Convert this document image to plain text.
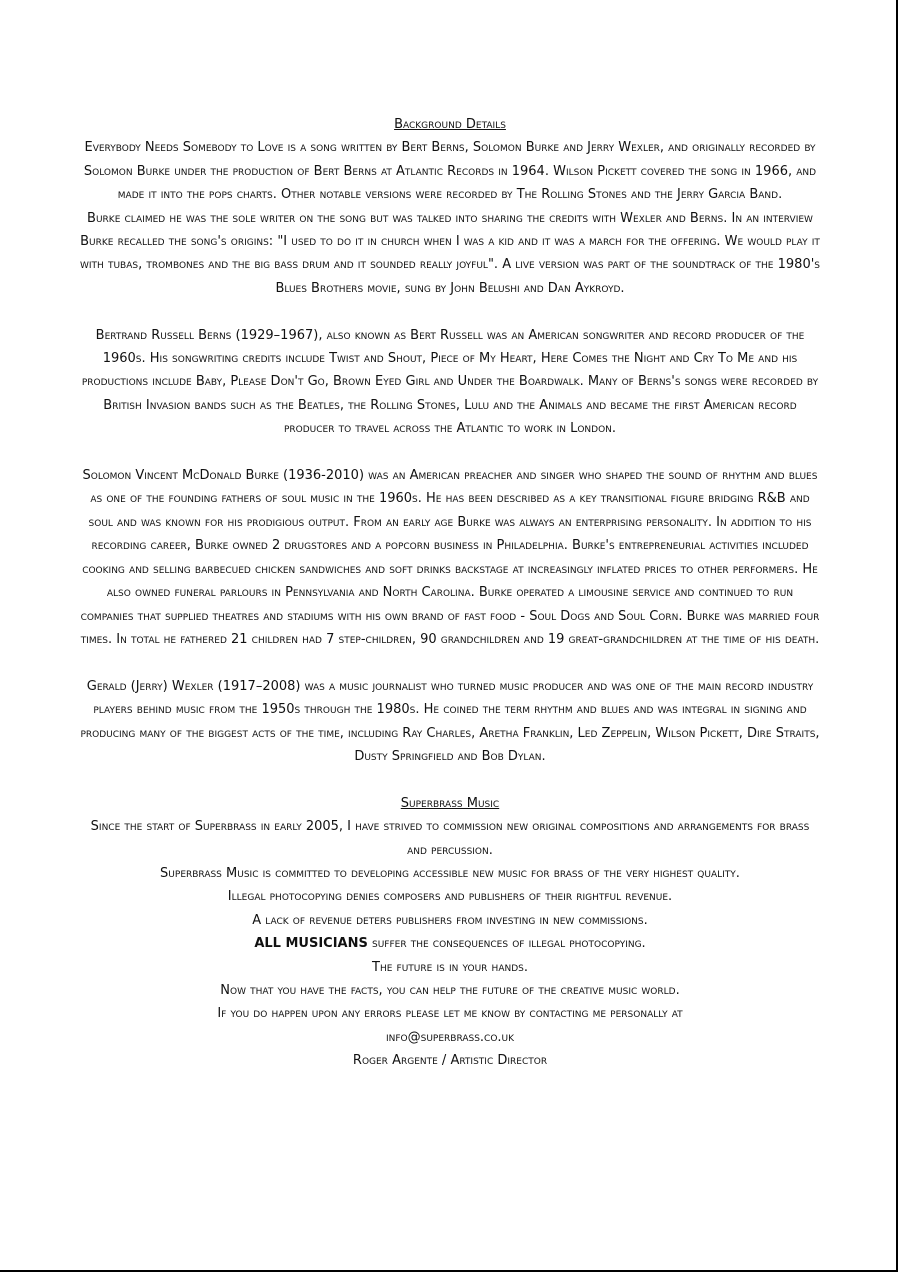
Background Details

Everybody Needs Somebody to Love is a song written by Bert Berns, Solomon Burke and Jerry Wexler, and originally recorded by Solomon Burke under the production of Bert Berns at Atlantic Records in 1964. Wilson Pickett covered the song in 1966, and made it into the pops charts. Other notable versions were recorded by The Rolling Stones and the Jerry Garcia Band.

Burke claimed he was the sole writer on the song but was talked into sharing the credits with Wexler and Berns. In an interview Burke recalled the song's origins: "I used to do it in church when I was a kid and it was a march for the offering. We would play it with tubas, trombones and the big bass drum and it sounded really joyful". A live version was part of the soundtrack of the 1980's Blues Brothers movie, sung by John Belushi and Dan Aykroyd.

Bertrand Russell Berns (1929–1967), also known as Bert Russell was an American songwriter and record producer of the 1960s. His songwriting credits include Twist and Shout, Piece of My Heart, Here Comes the Night and Cry To Me and his productions include Baby, Please Don't Go, Brown Eyed Girl and Under the Boardwalk. Many of Berns's songs were recorded by British Invasion bands such as the Beatles, the Rolling Stones, Lulu and the Animals and became the first American record producer to travel across the Atlantic to work in London.

Solomon Vincent McDonald Burke (1936-2010) was an American preacher and singer who shaped the sound of rhythm and blues as one of the founding fathers of soul music in the 1960s. He has been described as a key transitional figure bridging R&B and soul and was known for his prodigious output. From an early age Burke was always an enterprising personality. In addition to his recording career, Burke owned 2 drugstores and a popcorn business in Philadelphia. Burke's entrepreneurial activities included cooking and selling barbecued chicken sandwiches and soft drinks backstage at increasingly inflated prices to other performers. He also owned funeral parlours in Pennsylvania and North Carolina. Burke operated a limousine service and continued to run companies that supplied theatres and stadiums with his own brand of fast food - Soul Dogs and Soul Corn. Burke was married four times. In total he fathered 21 children had 7 step-children, 90 grandchildren and 19 great-grandchildren at the time of his death.

Gerald (Jerry) Wexler (1917–2008) was a music journalist who turned music producer and was one of the main record industry players behind music from the 1950s through the 1980s. He coined the term rhythm and blues and was integral in signing and producing many of the biggest acts of the time, including Ray Charles, Aretha Franklin, Led Zeppelin, Wilson Pickett, Dire Straits, Dusty Springfield and Bob Dylan.

Superbrass Music

Since the start of Superbrass in early 2005, I have strived to commission new original compositions and arrangements for brass and percussion.

Superbrass Music is committed to developing accessible new music for brass of the very highest quality.

Illegal photocopying denies composers and publishers of their rightful revenue.

A lack of revenue deters publishers from investing in new commissions.

ALL MUSICIANS suffer the consequences of illegal photocopying.

The future is in your hands.

Now that you have the facts, you can help the future of the creative music world.

If you do happen upon any errors please let me know by contacting me personally at

info@superbrass.co.uk

Roger Argente / Artistic Director
